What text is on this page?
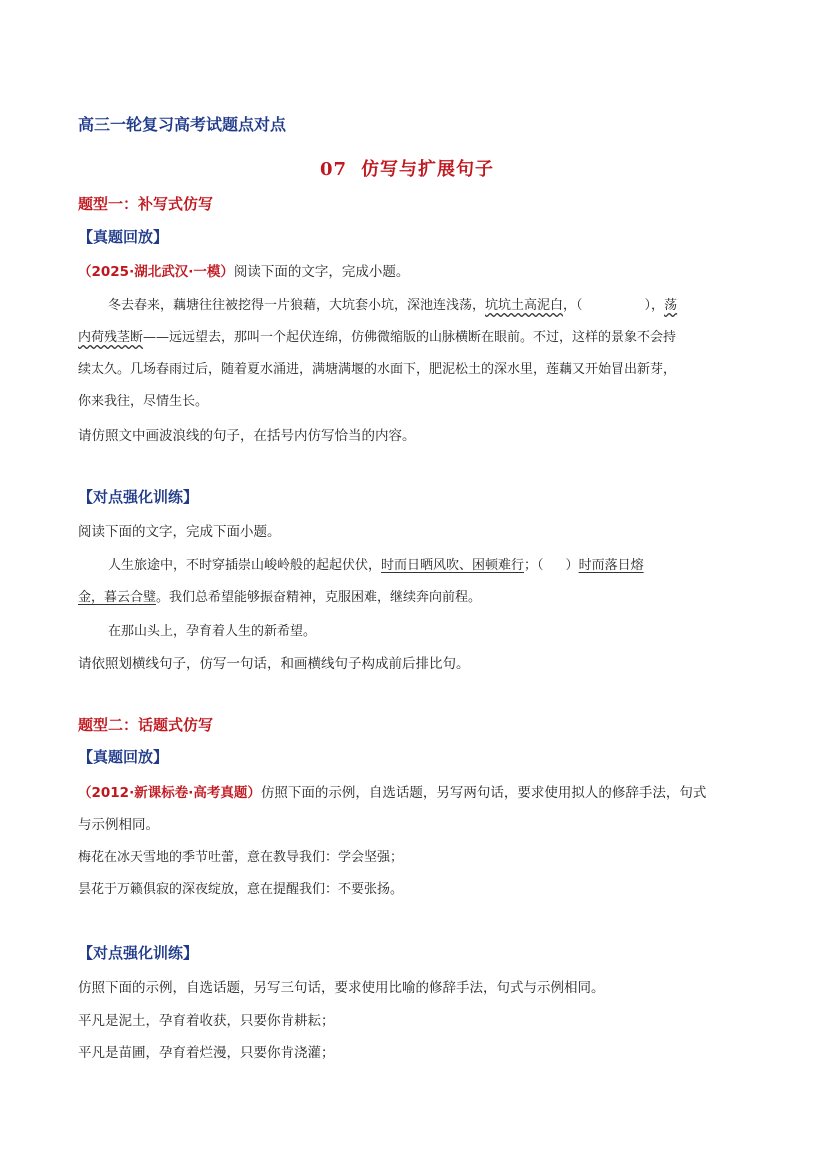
高三一轮复习高考试题点对点
07 仿写与扩展句子
题型一：补写式仿写
【真题回放】
（2025·湖北武汉·一模）阅读下面的文字，完成小题。
冬去春来，藕塘往往被挖得一片狼藉，大坑套小坑，深池连浅荡，坑坑土高泥白，（	），荡
内荷残茎断——远远望去，那叫一个起伏连绵，仿佛微缩版的山脉横断在眼前。不过，这样的景象不会持
续太久。几场春雨过后，随着夏水涌进，满塘满堰的水面下，肥泥松土的深水里，莲藕又开始冒出新芽，
你来我往，尽情生长。
请仿照文中画波浪线的句子，在括号内仿写恰当的内容。
【对点强化训练】
阅读下面的文字，完成下面小题。
人生旅途中，不时穿插崇山峻岭般的起起伏伏，时而日晒风吹、困顿难行；（ ）时而落日熔
金，暮云合璧。我们总希望能够振奋精神，克服困难，继续奔向前程。
在那山头上，孕育着人生的新希望。
请依照划横线句子，仿写一句话，和画横线句子构成前后排比句。
题型二：话题式仿写
【真题回放】
（2012·新课标卷·高考真题）仿照下面的示例，自选话题，另写两句话，要求使用拟人的修辞手法，句式
与示例相同。
梅花在冰天雪地的季节吐蕾，意在教导我们：学会坚强；
昙花于万籁俱寂的深夜绽放，意在提醒我们：不要张扬。
【对点强化训练】
仿照下面的示例，自选话题，另写三句话，要求使用比喻的修辞手法，句式与示例相同。
平凡是泥土，孕育着收获，只要你肯耕耘；
平凡是苗圃，孕育着烂漫，只要你肯浇灌；
